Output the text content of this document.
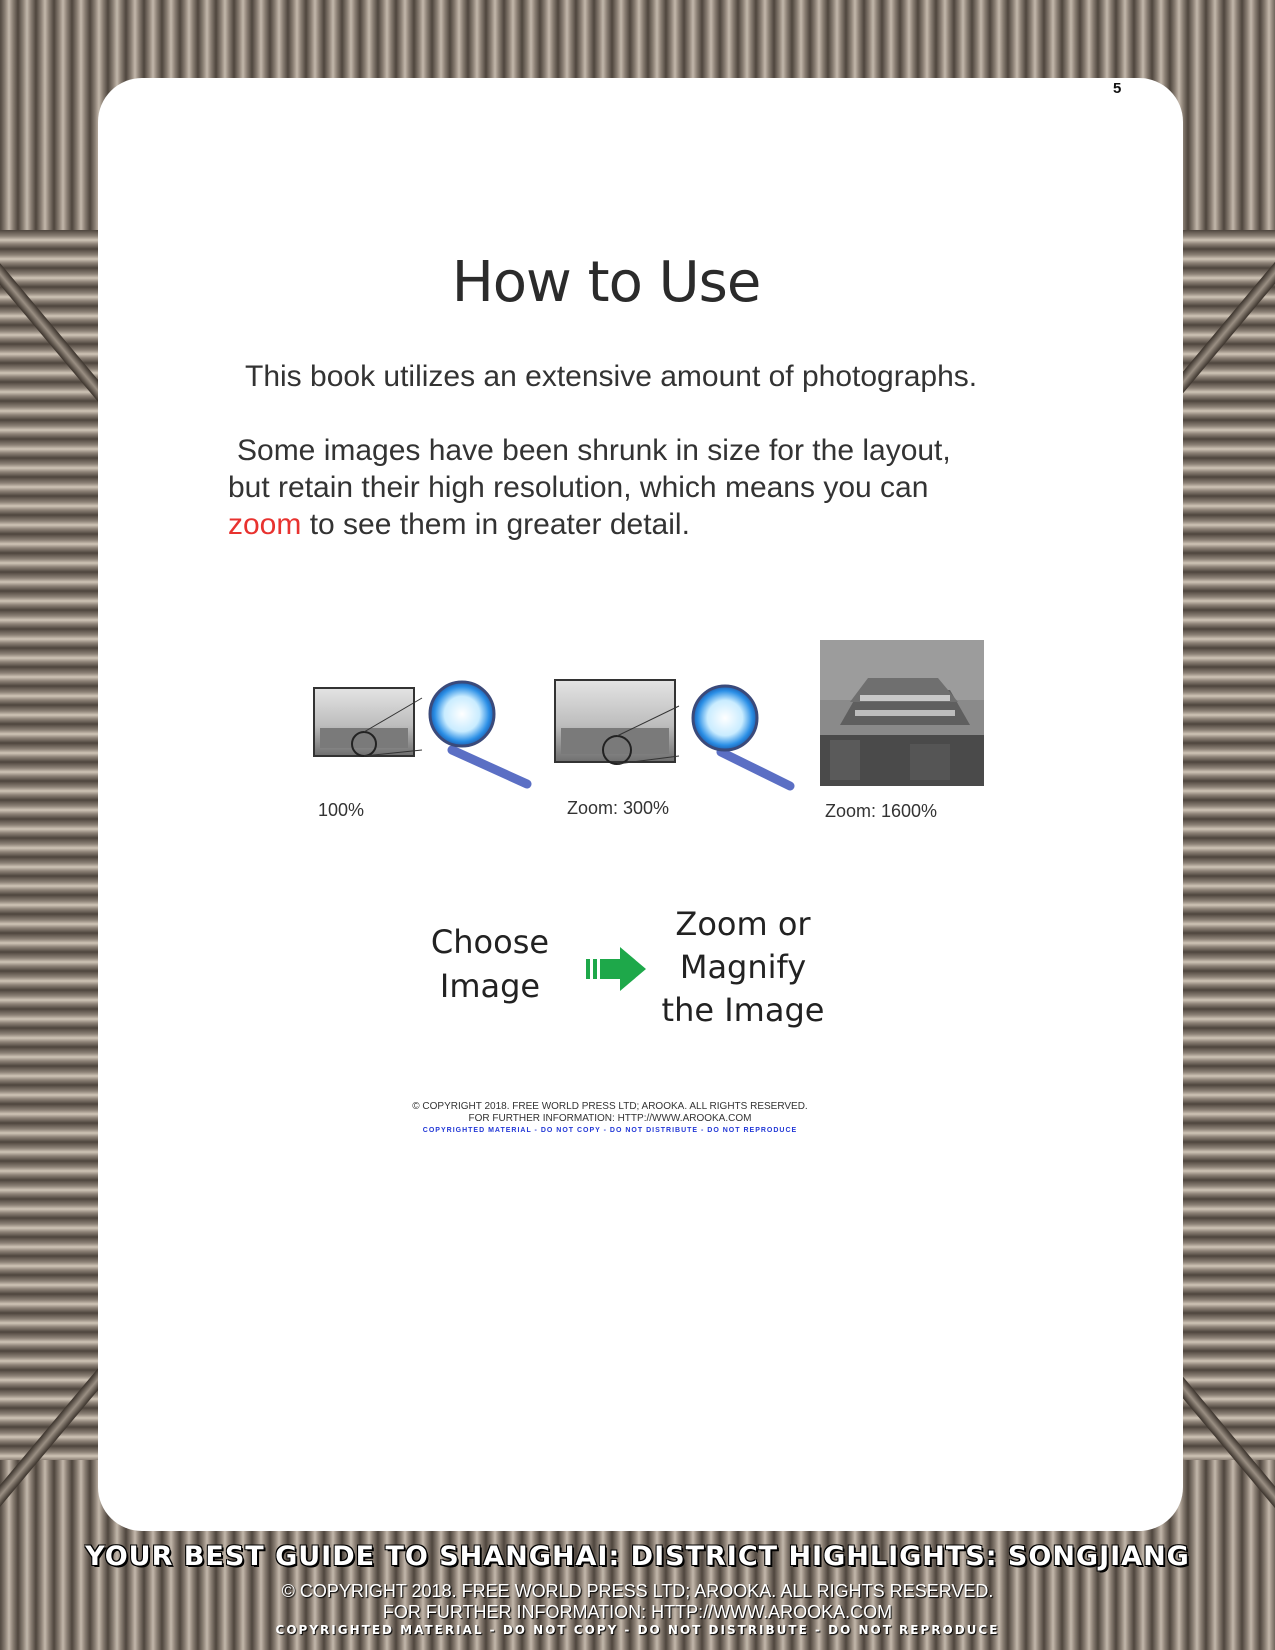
5
How to Use
This book utilizes an extensive amount of photographs.
Some images have been shrunk in size for the layout,
but retain their high resolution, which means you can
zoom to see them in greater detail.
100%	Zoom: 300%	Zoom: 1600%
Choose
Image
Zoom or
Magnify
the Image
© COPYRIGHT 2018. FREE WORLD PRESS LTD; AROOKA. ALL RIGHTS RESERVED.
FOR FURTHER INFORMATION: HTTP://WWW.AROOKA.COM
COPYRIGHTED MATERIAL - DO NOT COPY - DO NOT DISTRIBUTE - DO NOT REPRODUCE
YOUR BEST GUIDE TO SHANGHAI: DISTRICT HIGHLIGHTS: SONGJIANG
© COPYRIGHT 2018. FREE WORLD PRESS LTD; AROOKA. ALL RIGHTS RESERVED.
FOR FURTHER INFORMATION: HTTP://WWW.AROOKA.COM
COPYRIGHTED MATERIAL - DO NOT COPY - DO NOT DISTRIBUTE - DO NOT REPRODUCE
